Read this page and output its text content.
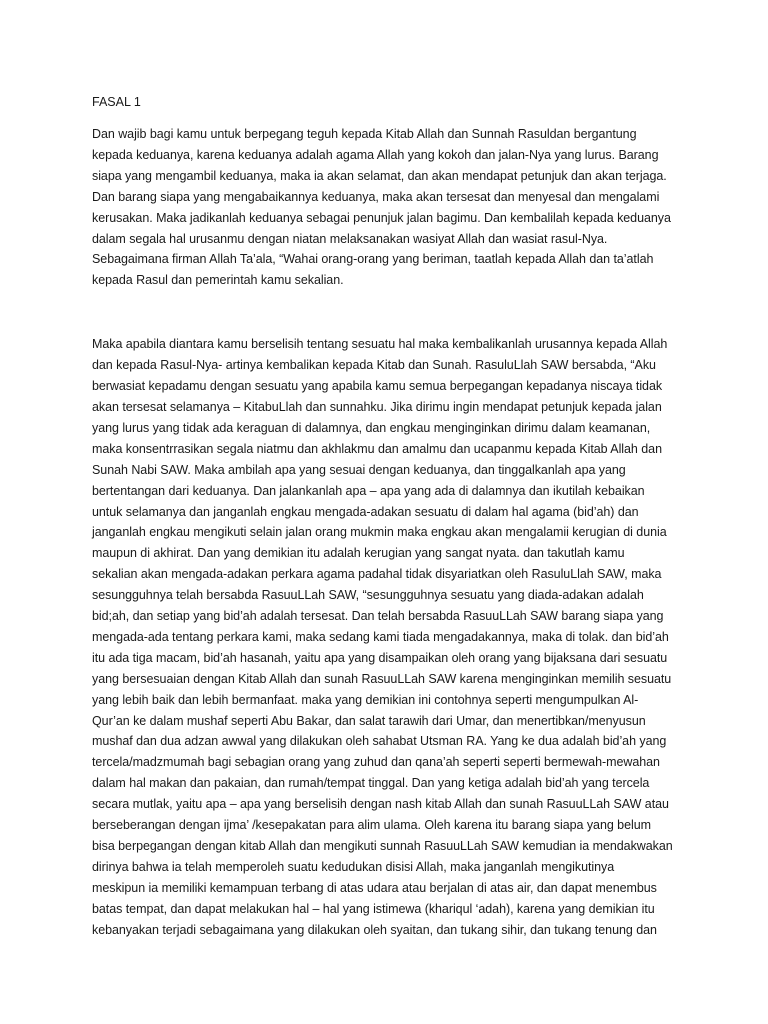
FASAL 1
Dan wajib bagi kamu untuk berpegang teguh kepada Kitab Allah dan Sunnah Rasuldan bergantung
kepada keduanya, karena keduanya adalah agama Allah yang kokoh dan jalan-Nya yang lurus. Barang
siapa yang mengambil keduanya, maka ia akan selamat, dan akan mendapat petunjuk dan akan terjaga.
Dan barang siapa yang mengabaikannya keduanya, maka akan tersesat dan menyesal dan mengalami
kerusakan. Maka jadikanlah keduanya sebagai penunjuk jalan bagimu. Dan kembalilah kepada keduanya
dalam segala hal urusanmu dengan niatan melaksanakan wasiyat Allah dan wasiat rasul-Nya.
Sebagaimana firman Allah Ta’ala, “Wahai orang-orang yang beriman, taatlah kepada Allah dan ta’atlah
kepada Rasul dan pemerintah kamu sekalian.
Maka apabila diantara kamu berselisih tentang sesuatu hal maka kembalikanlah urusannya kepada Allah
dan kepada Rasul-Nya- artinya kembalikan kepada Kitab dan Sunah. RasuluLlah SAW bersabda, “Aku
berwasiat kepadamu dengan sesuatu yang apabila kamu semua berpegangan kepadanya niscaya tidak
akan tersesat selamanya – KitabuLlah dan sunnahku. Jika dirimu ingin mendapat petunjuk kepada jalan
yang lurus yang tidak ada keraguan di dalamnya, dan engkau menginginkan dirimu dalam keamanan,
maka konsentrrasikan segala niatmu dan akhlakmu dan amalmu dan ucapanmu kepada Kitab Allah dan
Sunah Nabi SAW. Maka ambilah apa yang sesuai dengan keduanya, dan tinggalkanlah apa yang
bertentangan dari keduanya. Dan jalankanlah apa – apa yang ada di dalamnya dan ikutilah kebaikan
untuk selamanya dan janganlah engkau mengada-adakan sesuatu di dalam hal agama (bid’ah) dan
janganlah engkau mengikuti selain jalan orang mukmin maka engkau akan mengalamii kerugian di dunia
maupun di akhirat. Dan yang demikian itu adalah kerugian yang sangat nyata. dan takutlah kamu
sekalian akan mengada-adakan perkara agama padahal tidak disyariatkan oleh RasuluLlah SAW, maka
sesungguhnya telah bersabda RasuuLLah SAW, “sesungguhnya sesuatu yang diada-adakan adalah
bid;ah, dan setiap yang bid’ah adalah tersesat. Dan telah bersabda RasuuLLah SAW barang siapa yang
mengada-ada tentang perkara kami, maka sedang kami tiada mengadakannya, maka di tolak. dan bid’ah
itu ada tiga macam, bid’ah hasanah, yaitu apa yang disampaikan oleh orang yang bijaksana dari sesuatu
yang bersesuaian dengan Kitab Allah dan sunah RasuuLLah SAW karena menginginkan memilih sesuatu
yang lebih baik dan lebih bermanfaat. maka yang demikian ini contohnya seperti mengumpulkan Al-
Qur’an ke dalam mushaf seperti Abu Bakar, dan salat tarawih dari Umar, dan menertibkan/menyusun
mushaf dan dua adzan awwal yang dilakukan oleh sahabat Utsman RA. Yang ke dua adalah bid’ah yang
tercela/madzmumah bagi sebagian orang yang zuhud dan qana’ah seperti seperti bermewah-mewahan
dalam hal makan dan pakaian, dan rumah/tempat tinggal. Dan yang ketiga adalah bid’ah yang tercela
secara mutlak, yaitu apa – apa yang berselisih dengan nash kitab Allah dan sunah RasuuLLah SAW atau
berseberangan dengan ijma’ /kesepakatan para alim ulama. Oleh karena itu barang siapa yang belum
bisa berpegangan dengan kitab Allah dan mengikuti sunnah RasuuLLah SAW kemudian ia mendakwakan
dirinya bahwa ia telah memperoleh suatu kedudukan disisi Allah, maka janganlah mengikutinya
meskipun ia memiliki kemampuan terbang di atas udara atau berjalan di atas air, dan dapat menembus
batas tempat, dan dapat melakukan hal – hal yang istimewa (khariqul ‘adah), karena yang demikian itu
kebanyakan terjadi sebagaimana yang dilakukan oleh syaitan, dan tukang sihir, dan tukang tenung dan
